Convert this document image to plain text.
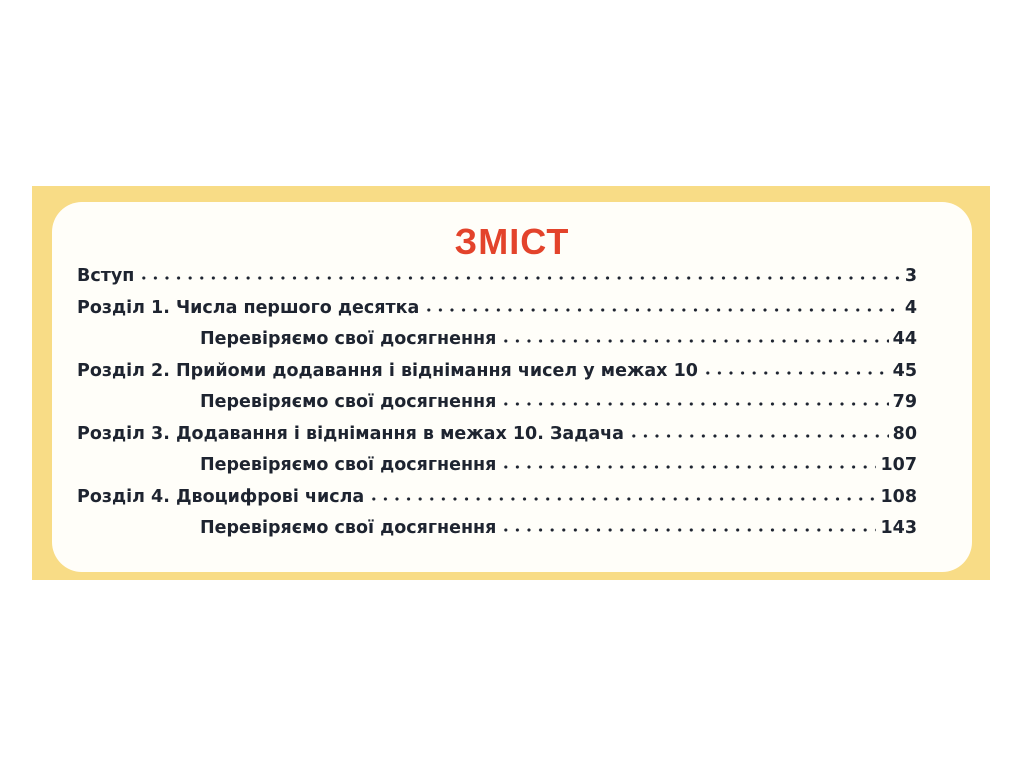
ЗМІСТ
Вступ	3
Розділ 1. Числа першого десятка	4
Перевіряємо свої досягнення	44
Розділ 2. Прийоми додавання і віднімання чисел у межах 10	45
Перевіряємо свої досягнення	79
Розділ 3. Додавання і віднімання в межах 10. Задача	80
Перевіряємо свої досягнення	107
Розділ 4. Двоцифрові числа	108
Перевіряємо свої досягнення	143
